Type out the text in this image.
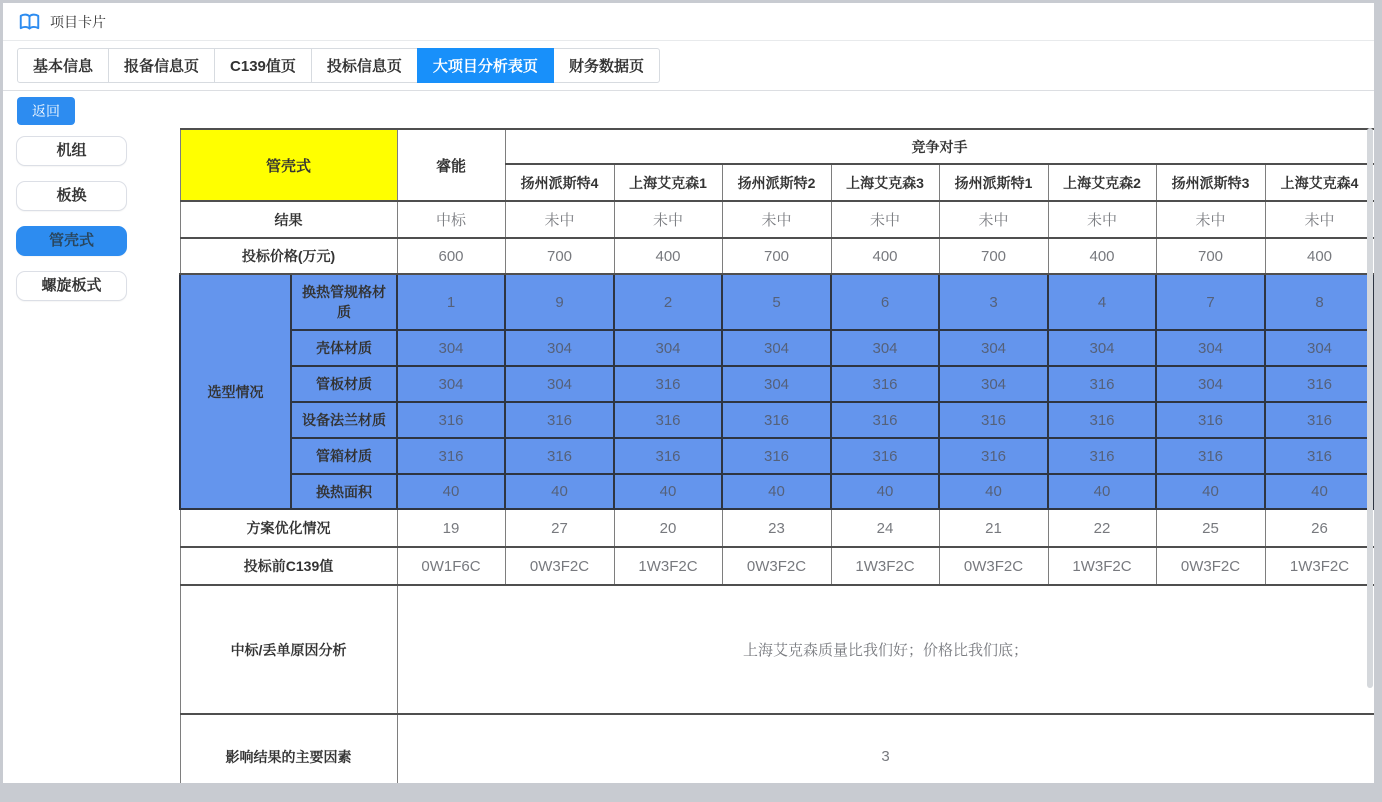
项目卡片
基本信息	报备信息页	C139值页	投标信息页	大项目分析表页	财务数据页
返回
机组
板换
管壳式
螺旋板式
管壳式		睿能	竞争对手							
			扬州派斯特4	上海艾克森1	扬州派斯特2	上海艾克森3	扬州派斯特1	上海艾克森2	扬州派斯特3	上海艾克森4
结果		中标	未中	未中	未中	未中	未中	未中	未中	未中
投标价格(万元)		600	700	400	700	400	700	400	700	400
选型情况	换热管规格材质	1	9	2	5	6	3	4	7	8
	壳体材质	304	304	304	304	304	304	304	304	304
	管板材质	304	304	316	304	316	304	316	304	316
	设备法兰材质	316	316	316	316	316	316	316	316	316
	管箱材质	316	316	316	316	316	316	316	316	316
	换热面积	40	40	40	40	40	40	40	40	40
方案优化情况		19	27	20	23	24	21	22	25	26
投标前C139值		0W1F6C	0W3F2C	1W3F2C	0W3F2C	1W3F2C	0W3F2C	1W3F2C	0W3F2C	1W3F2C
中标/丢单原因分析		上海艾克森质量比我们好；价格比我们底；								
影响结果的主要因素		3								
